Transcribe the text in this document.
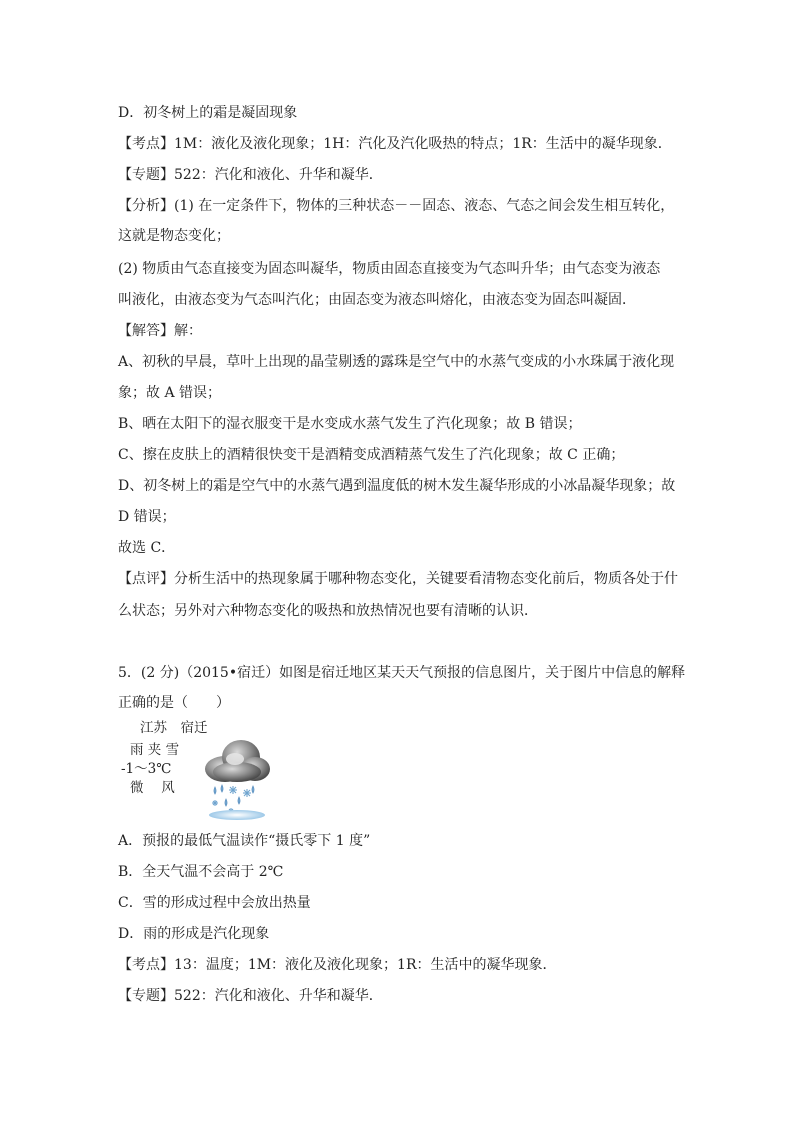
D．初冬树上的霜是凝固现象
【考点】1M：液化及液化现象；1H：汽化及汽化吸热的特点；1R：生活中的凝华现象．
【专题】522：汽化和液化、升华和凝华．
【分析】(1) 在一定条件下，物体的三种状态－－固态、液态、气态之间会发生相互转化，
这就是物态变化；
(2) 物质由气态直接变为固态叫凝华，物质由固态直接变为气态叫升华；由气态变为液态
叫液化，由液态变为气态叫汽化；由固态变为液态叫熔化，由液态变为固态叫凝固．
【解答】解：
A、初秋的早晨，草叶上出现的晶莹剔透的露珠是空气中的水蒸气变成的小水珠属于液化现
象；故 A 错误；
B、晒在太阳下的湿衣服变干是水变成水蒸气发生了汽化现象；故 B 错误；
C、擦在皮肤上的酒精很快变干是酒精变成酒精蒸气发生了汽化现象；故 C 正确；
D、初冬树上的霜是空气中的水蒸气遇到温度低的树木发生凝华形成的小冰晶凝华现象；故
D 错误；
故选 C．
【点评】分析生活中的热现象属于哪种物态变化，关键要看清物态变化前后，物质各处于什
么状态；另外对六种物态变化的吸热和放热情况也要有清晰的认识．
5．(2 分)（2015•宿迁）如图是宿迁地区某天天气预报的信息图片，关于图片中信息的解释
正确的是（　　）
江苏　宿迁
雨 夹 雪
-1～3℃
微　 风
A．预报的最低气温读作“摄氏零下 1 度”
B．全天气温不会高于 2℃
C．雪的形成过程中会放出热量
D．雨的形成是汽化现象
【考点】13：温度；1M：液化及液化现象；1R：生活中的凝华现象．
【专题】522：汽化和液化、升华和凝华．
